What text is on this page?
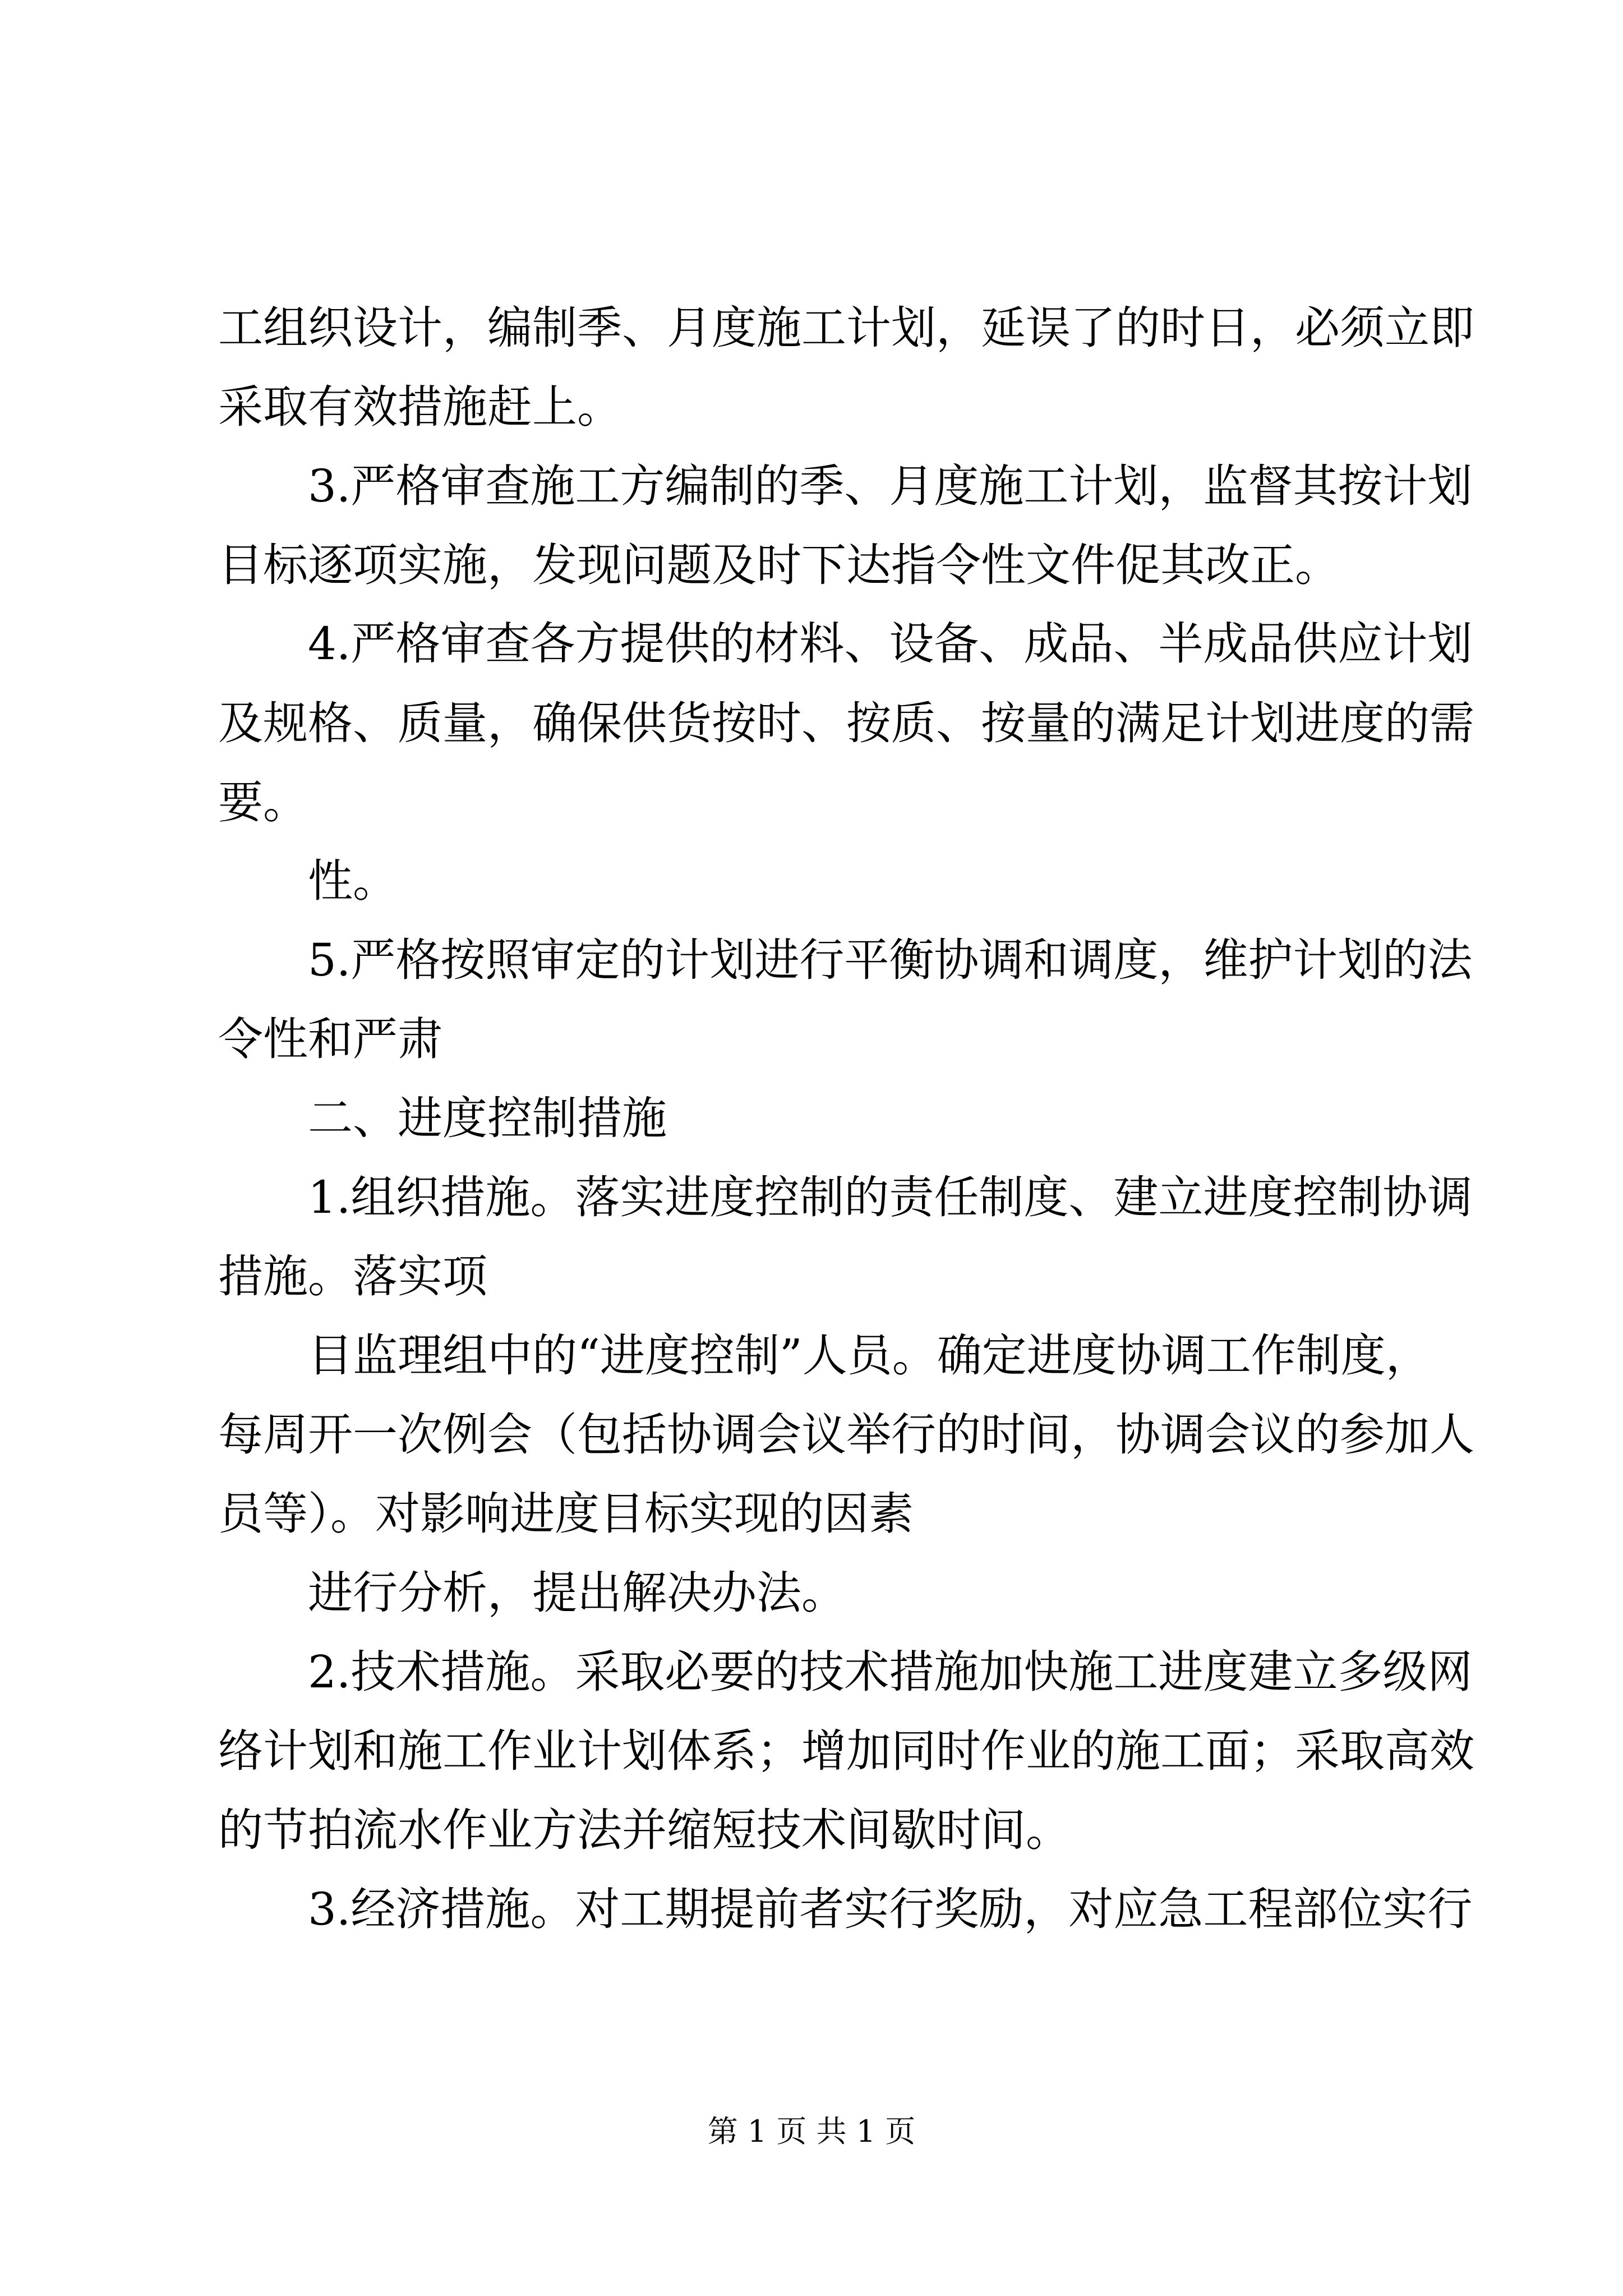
工组织设计，编制季、月度施工计划，延误了的时日，必须立即
采取有效措施赶上。
3.严格审查施工方编制的季、月度施工计划，监督其按计划
目标逐项实施，发现问题及时下达指令性文件促其改正。
4.严格审查各方提供的材料、设备、成品、半成品供应计划
及规格、质量，确保供货按时、按质、按量的满足计划进度的需
要。
性。
5.严格按照审定的计划进行平衡协调和调度，维护计划的法
令性和严肃
二、进度控制措施
1.组织措施。落实进度控制的责任制度、建立进度控制协调
措施。落实项
目监理组中的“进度控制”人员。确定进度协调工作制度，
每周开一次例会（包括协调会议举行的时间，协调会议的参加人
员等）。对影响进度目标实现的因素
进行分析，提出解决办法。
2.技术措施。采取必要的技术措施加快施工进度建立多级网
络计划和施工作业计划体系；增加同时作业的施工面；采取高效
的节拍流水作业方法并缩短技术间歇时间。
3.经济措施。对工期提前者实行奖励，对应急工程部位实行
第 1 页 共 1 页
